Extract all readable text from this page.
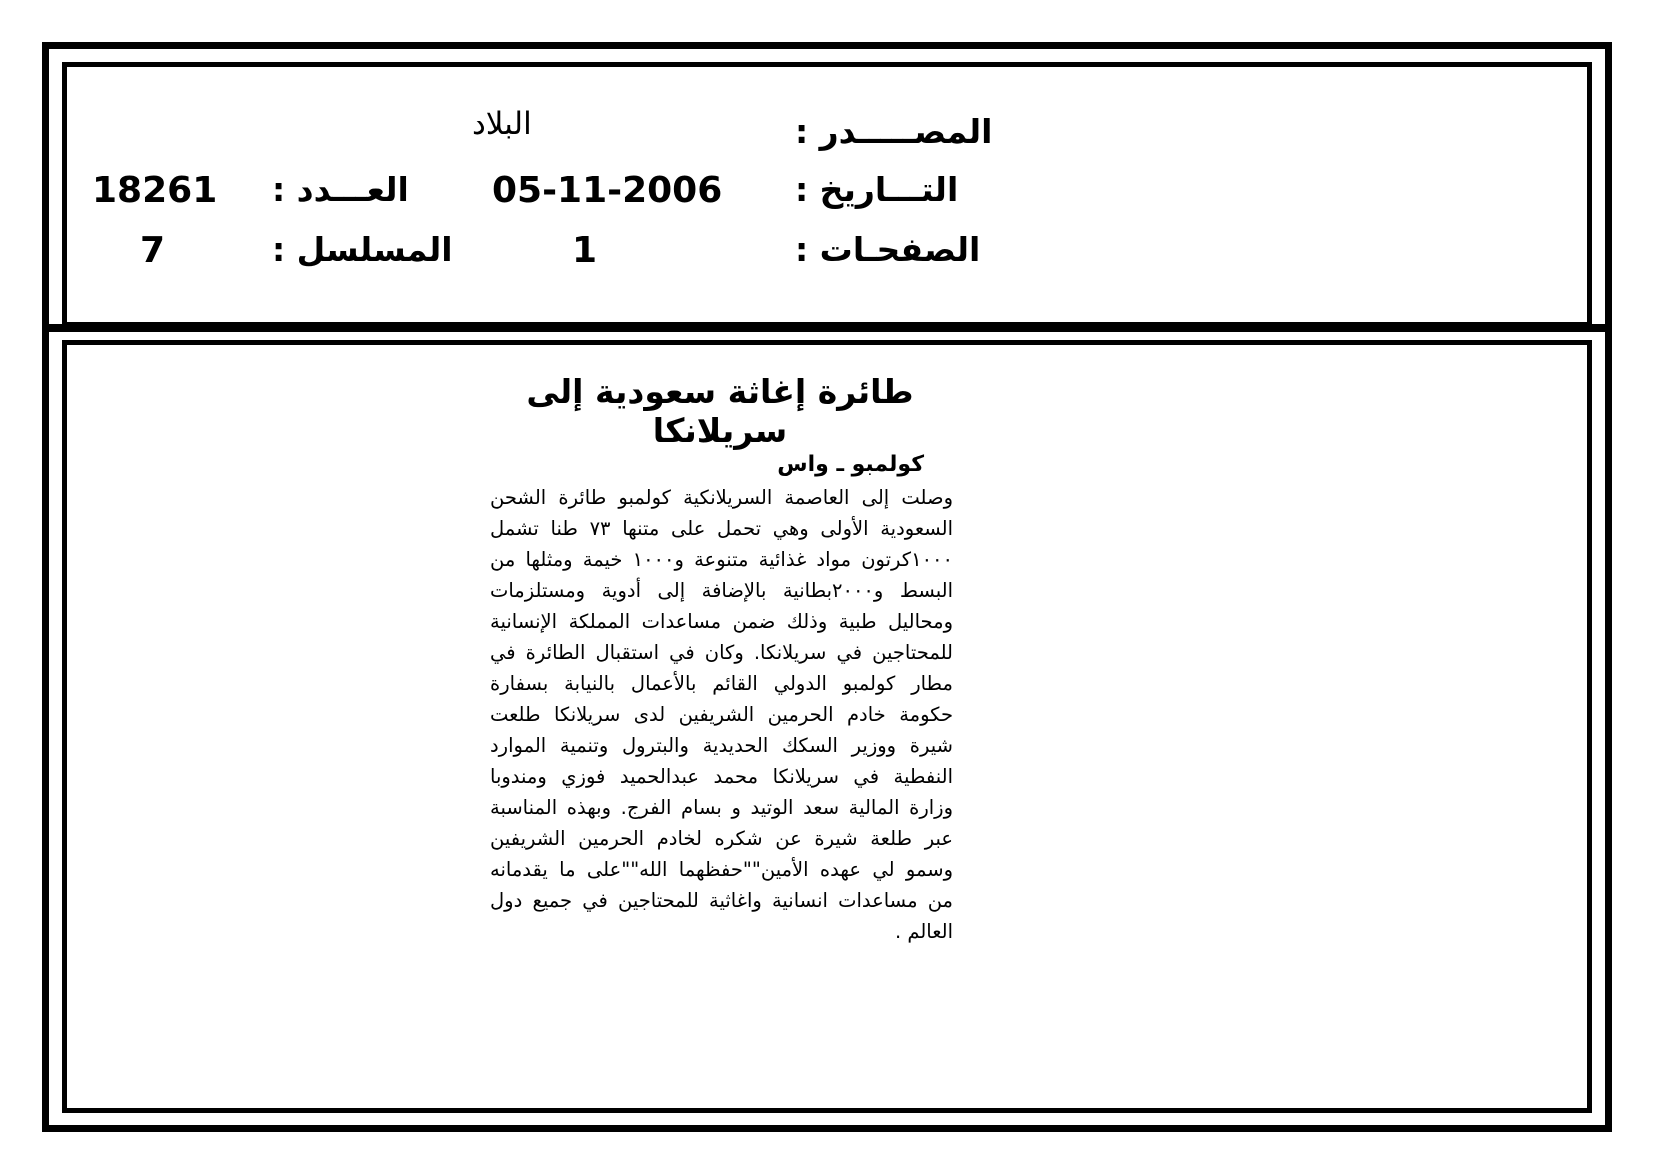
المصـــــدر :
البلاد
التـــاريخ :
05-11-2006
العـــدد :
18261
الصفحـات :
1
المسلسل :
7
طائرة إغاثة سعودية إلى سريلانكا
كولمبو ـ واس
وصلت إلى العاصمة السريلانكية كولمبو طائرة الشحن السعودية الأولى وهي تحمل على متنها ٧٣ طنا تشمل ١٠٠٠كرتون مواد غذائية متنوعة و١٠٠٠ خيمة ومثلها من البسط و٢٠٠٠بطانية بالإضافة إلى أدوية ومستلزمات ومحاليل طبية وذلك ضمن مساعدات المملكة الإنسانية للمحتاجين في سريلانكا. وكان في استقبال الطائرة في مطار كولمبو الدولي القائم بالأعمال بالنيابة بسفارة حكومة خادم الحرمين الشريفين لدى سريلانكا طلعت شيرة ووزير السكك الحديدية والبترول وتنمية الموارد النفطية في سريلانكا محمد عبدالحميد فوزي ومندوبا وزارة المالية سعد الوتيد و بسام الفرج. وبهذه المناسبة عبر طلعة شيرة عن شكره لخادم الحرمين الشريفين وسمو لي عهده الأمين""حفظهما الله""على ما يقدمانه من مساعدات انسانية واغاثية للمحتاجين في جميع دول العالم .
